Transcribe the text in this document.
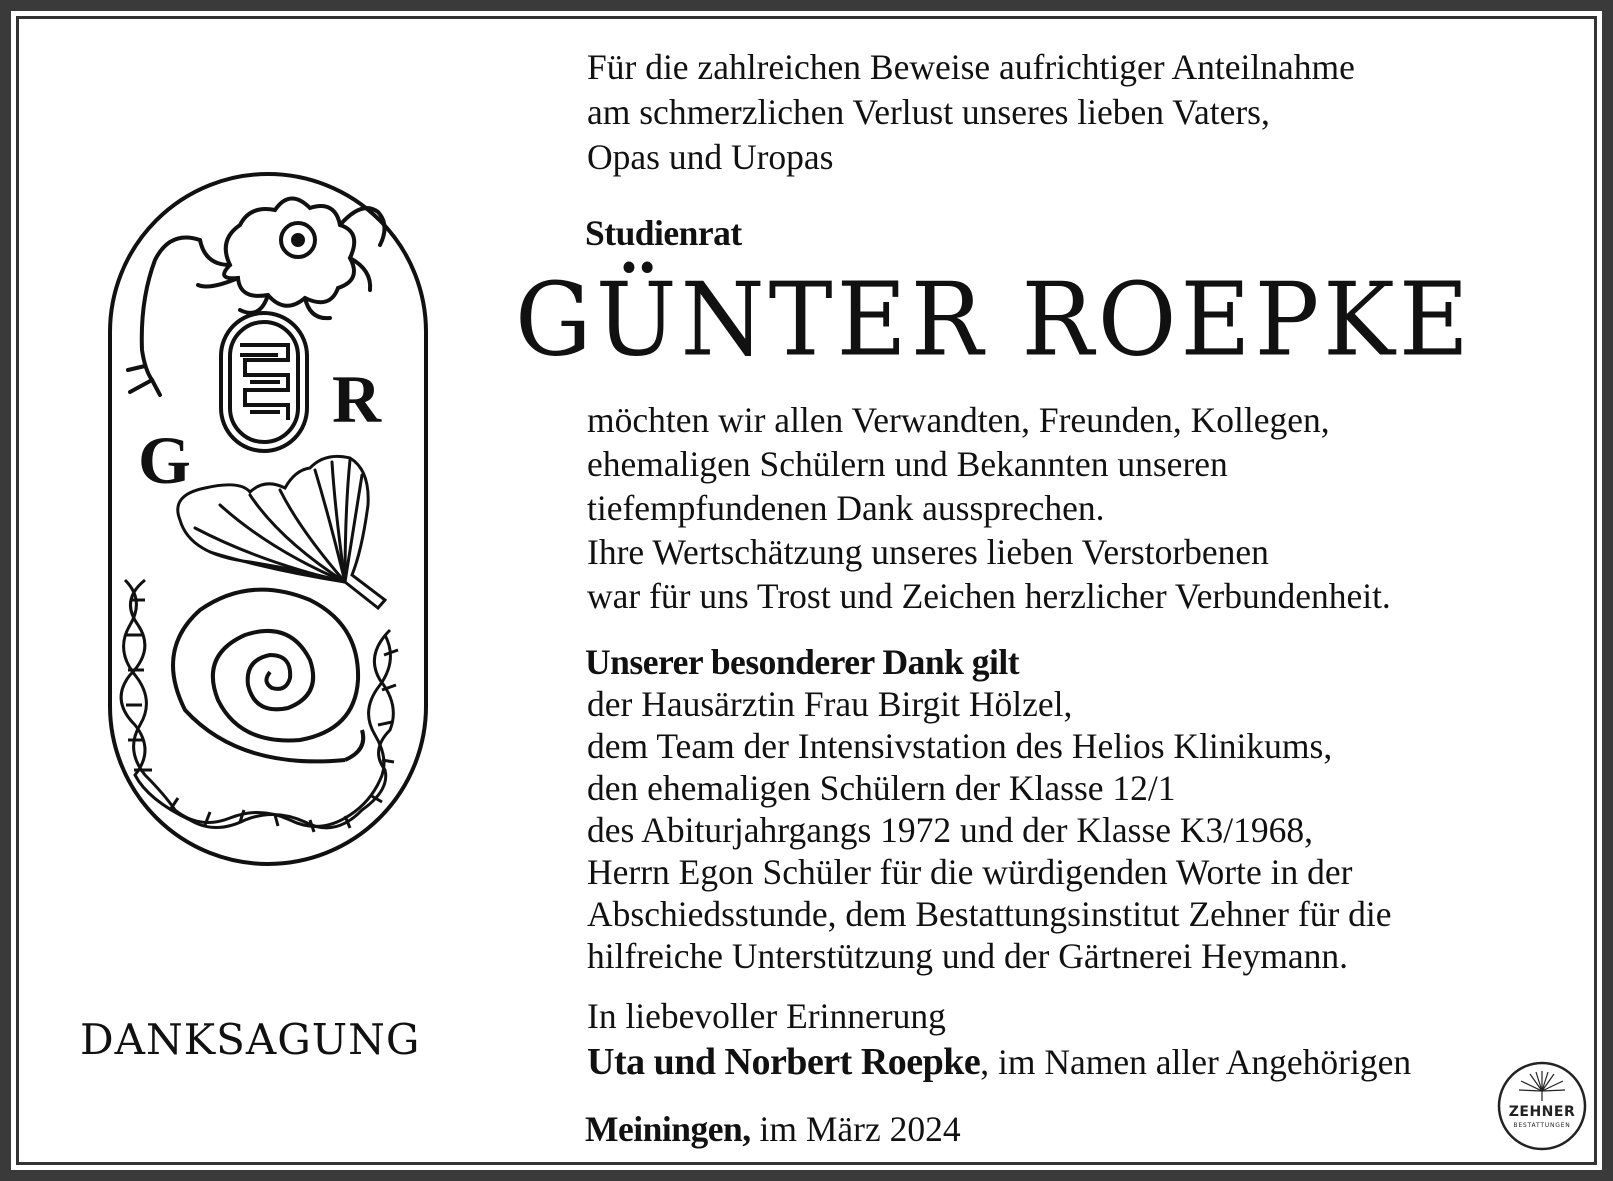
G
R
Für die zahlreichen Beweise aufrichtiger Anteilnahme
am schmerzlichen Verlust unseres lieben Vaters,
Opas und Uropas
Studienrat
GÜNTER ROEPKE
möchten wir allen Verwandten, Freunden, Kollegen,
ehemaligen Schülern und Bekannten unseren
tiefempfundenen Dank aussprechen.
Ihre Wertschätzung unseres lieben Verstorbenen
war für uns Trost und Zeichen herzlicher Verbundenheit.
Unserer besonderer Dank gilt
der Hausärztin Frau Birgit Hölzel,
dem Team der Intensivstation des Helios Klinikums,
den ehemaligen Schülern der Klasse 12/1
des Abiturjahrgangs 1972 und der Klasse K3/1968,
Herrn Egon Schüler für die würdigenden Worte in der
Abschiedsstunde, dem Bestattungsinstitut Zehner für die
hilfreiche Unterstützung und der Gärtnerei Heymann.
In liebevoller Erinnerung
Uta und Norbert Roepke, im Namen aller Angehörigen
Meiningen, im März 2024
DANKSAGUNG
ZEHNER
BESTATTUNGEN
